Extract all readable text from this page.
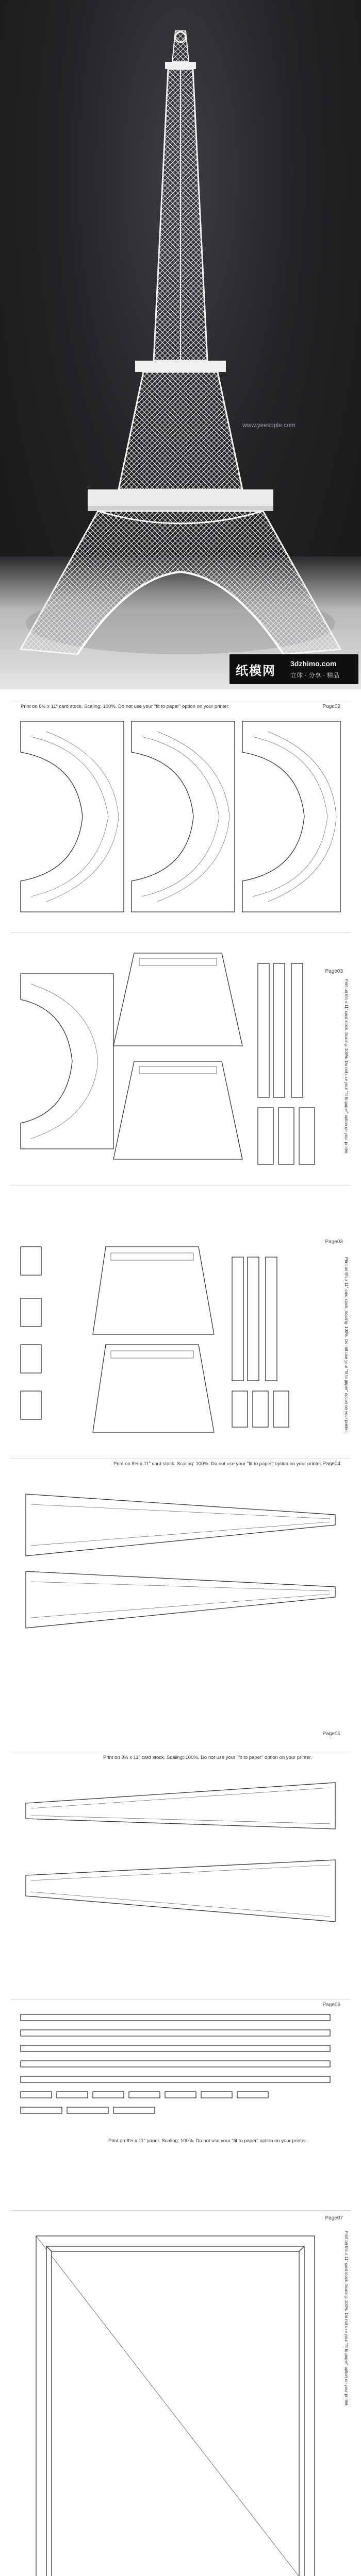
www.yeespple.com
纸模网 3dzhimo.com
立体 · 分享 · 精品
Print on 8½ x 11" card stock. Scaling: 100%. Do not use your "fit to paper" option on your printer.	Page02
Page03
Print on 8½ x 11" card stock. Scaling: 100%. Do not use your "fit to paper" option on your printer.
Page03
Print on 8½ x 11" card stock. Scaling: 100%. Do not use your "fit to paper" option on your printer.
Print on 8½ x 11" card stock. Scaling: 100%. Do not use your "fit to paper" option on your printer. Page04
Print on 8½ x 11" card stock. Scaling: 100%. Do not use your "fit to paper" option on your printer.
Page05
Page06
Print on 8½ x 11" paper. Scaling: 100%. Do not use your "fit to paper" option on your printer.
Page07
Print on 8½ x 11" card stock. Scaling: 100%. Do not use your "fit to paper" option on your printer.
